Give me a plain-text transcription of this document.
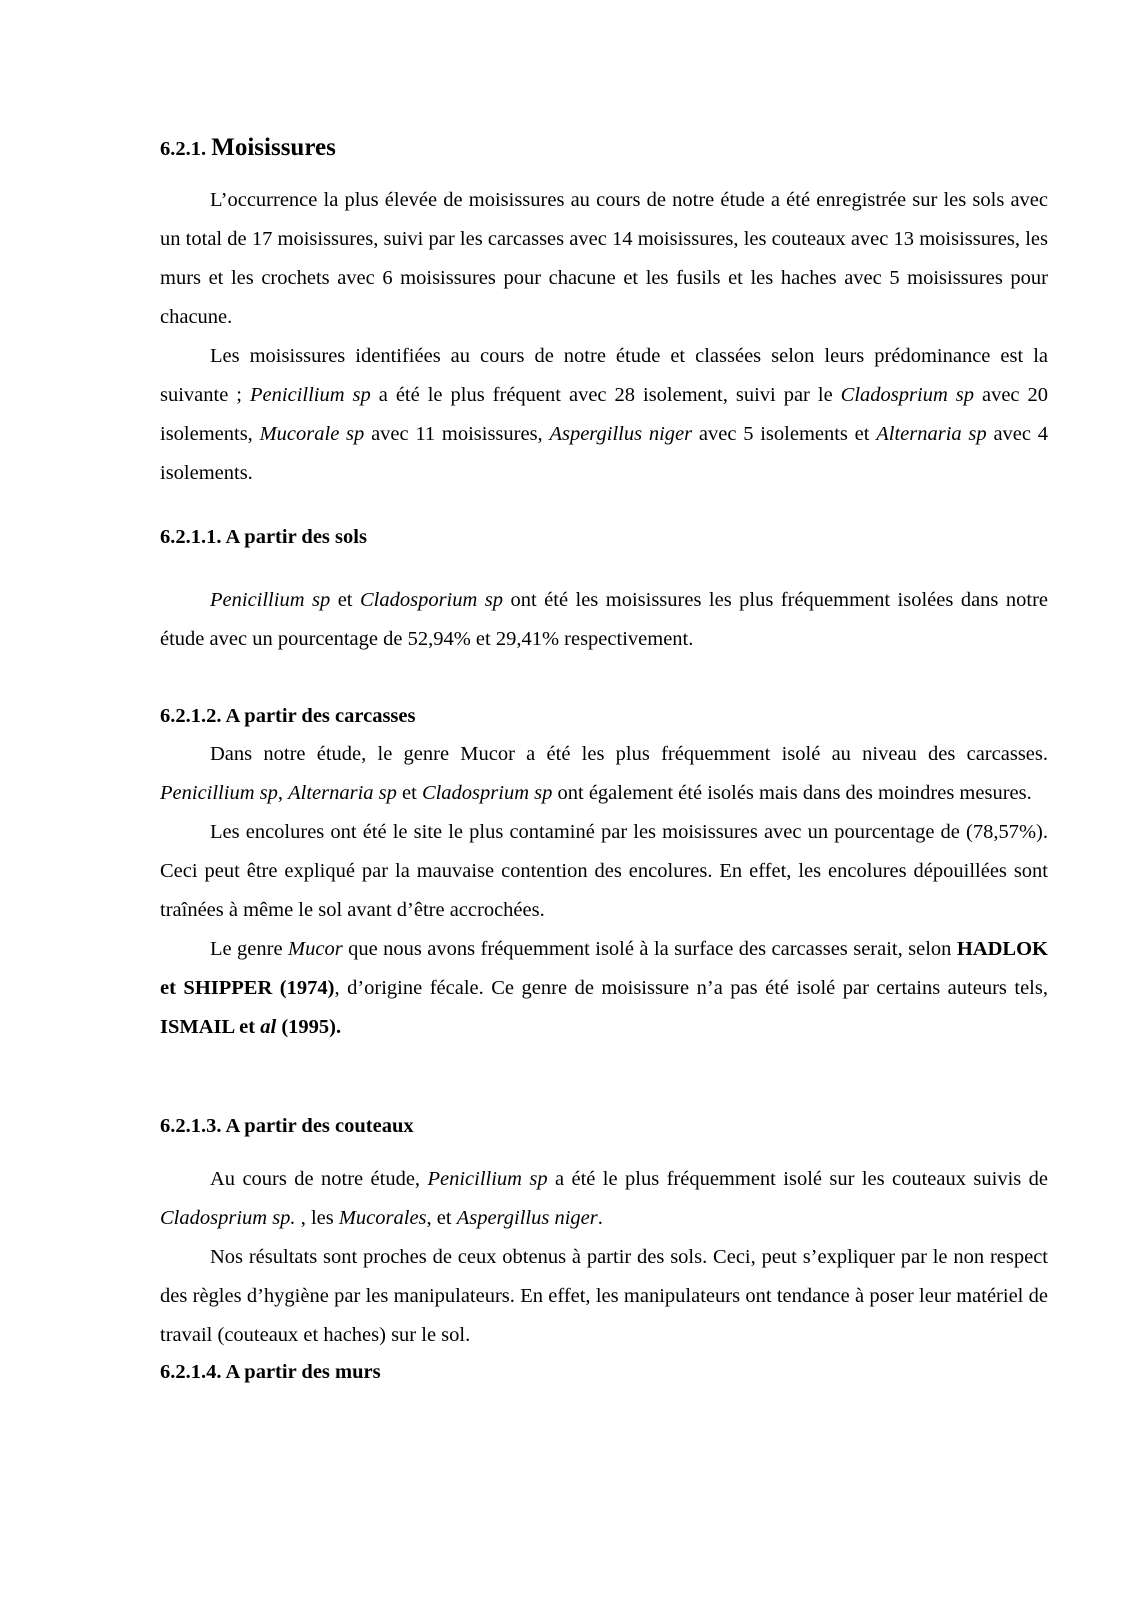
6.2.1. Moisissures

L’occurrence la plus élevée de moisissures au cours de notre étude a été enregistrée sur les sols avec un total de 17 moisissures, suivi par les carcasses avec 14 moisissures, les couteaux avec 13 moisissures, les murs et les crochets avec 6 moisissures pour chacune et les fusils et les haches avec 5 moisissures pour chacune.

Les moisissures identifiées au cours de notre étude et classées selon leurs prédominance est la suivante ; Penicillium sp a été le plus fréquent avec 28 isolement, suivi par le Cladosprium sp avec 20 isolements, Mucorale sp avec 11 moisissures, Aspergillus niger avec 5 isolements et Alternaria sp avec 4 isolements.

6.2.1.1. A partir des sols

Penicillium sp et Cladosporium sp ont été les moisissures les plus fréquemment isolées dans notre étude avec un pourcentage de 52,94% et 29,41% respectivement.

6.2.1.2. A partir des carcasses

Dans notre étude, le genre Mucor a été les plus fréquemment isolé au niveau des carcasses. Penicillium sp, Alternaria sp et Cladosprium sp ont également été isolés mais dans des moindres mesures.

Les encolures ont été le site le plus contaminé par les moisissures avec un pourcentage de (78,57%). Ceci peut être expliqué par la mauvaise contention des encolures. En effet, les encolures dépouillées sont traînées à même le sol avant d’être accrochées.

Le genre Mucor que nous avons fréquemment isolé à la surface des carcasses serait, selon HADLOK et SHIPPER (1974), d’origine fécale. Ce genre de moisissure n’a pas été isolé par certains auteurs tels, ISMAIL et al (1995).

6.2.1.3. A partir des couteaux

Au cours de notre étude, Penicillium sp a été le plus fréquemment isolé sur les couteaux suivis de Cladosprium sp. , les Mucorales, et Aspergillus niger.

Nos résultats sont proches de ceux obtenus à partir des sols. Ceci, peut s’expliquer par le non respect des règles d’hygiène par les manipulateurs. En effet, les manipulateurs ont tendance à poser leur matériel de travail (couteaux et haches) sur le sol.

6.2.1.4. A partir des murs
